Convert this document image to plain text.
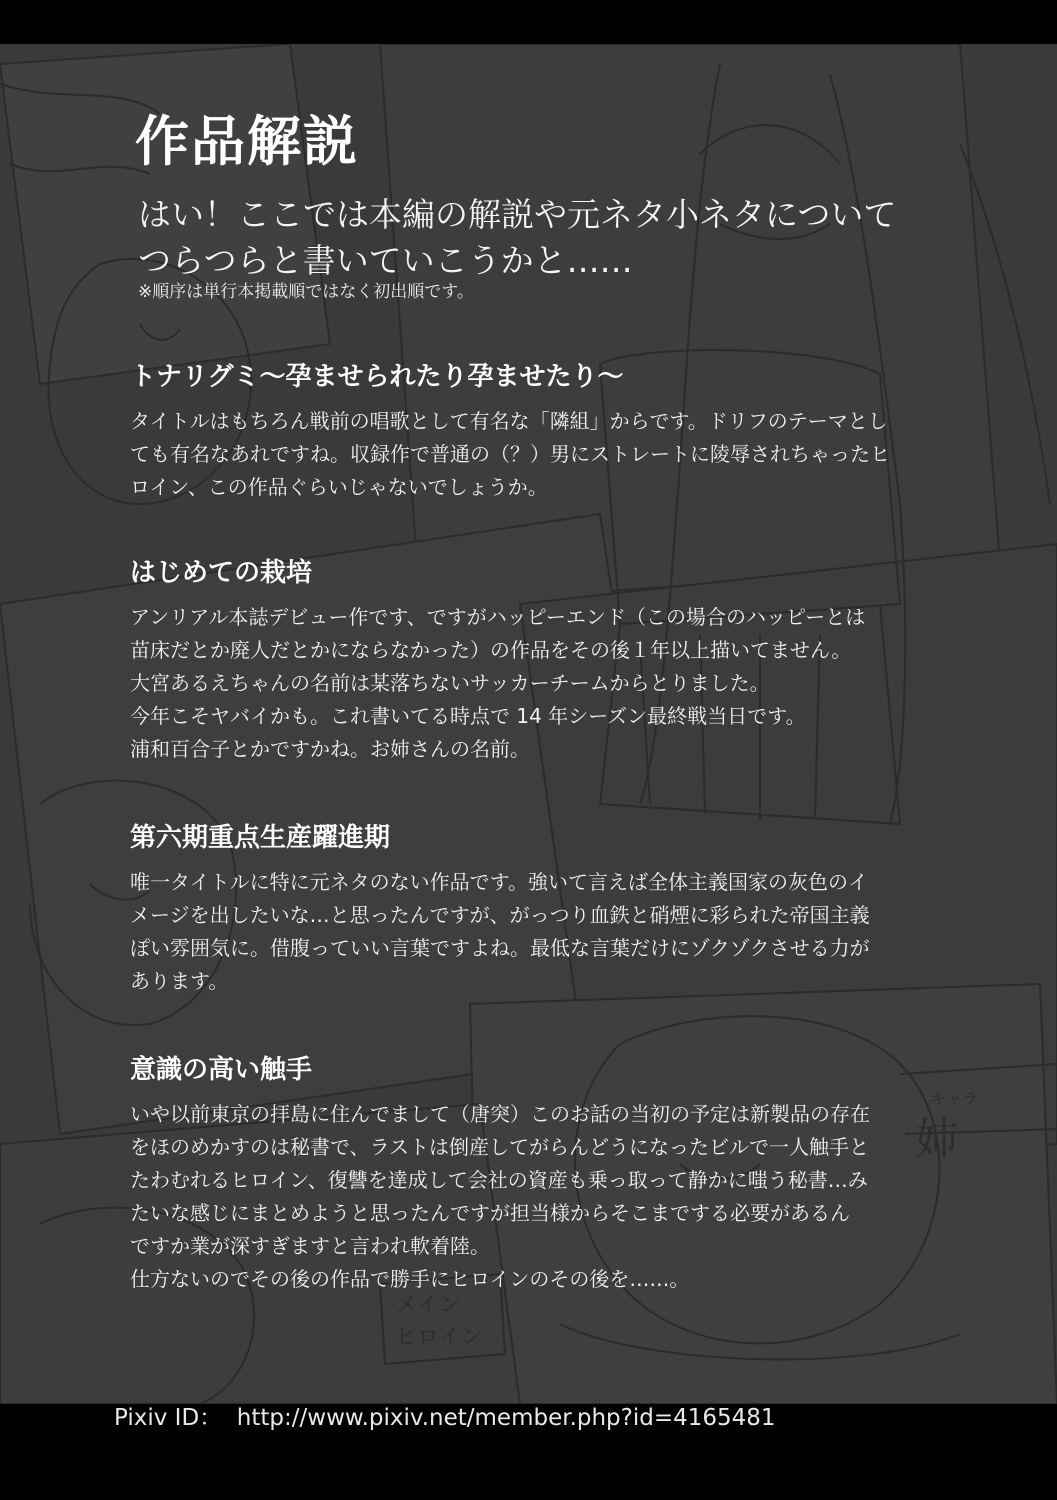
キャラ
姉
メイン
ヒロイン
作品解説
はい！ここでは本編の解説や元ネタ小ネタについて
つらつらと書いていこうかと……
※順序は単行本掲載順ではなく初出順です。
トナリグミ〜孕ませられたり孕ませたり〜

タイトルはもちろん戦前の唱歌として有名な「隣組」からです。ドリフのテーマとし
ても有名なあれですね。収録作で普通の（？）男にストレートに陵辱されちゃったヒ
ロイン、この作品ぐらいじゃないでしょうか。

はじめての栽培

アンリアル本誌デビュー作です、ですがハッピーエンド（この場合のハッピーとは
苗床だとか廃人だとかにならなかった）の作品をその後１年以上描いてません。
大宮あるえちゃんの名前は某落ちないサッカーチームからとりました。
今年こそヤバイかも。これ書いてる時点で 14 年シーズン最終戦当日です。
浦和百合子とかですかね。お姉さんの名前。

第六期重点生産躍進期

唯一タイトルに特に元ネタのない作品です。強いて言えば全体主義国家の灰色のイ
メージを出したいな…と思ったんですが、がっつり血鉄と硝煙に彩られた帝国主義
ぽい雰囲気に。借腹っていい言葉ですよね。最低な言葉だけにゾクゾクさせる力が
あります。

意識の高い触手

いや以前東京の拝島に住んでまして（唐突）このお話の当初の予定は新製品の存在
をほのめかすのは秘書で、ラストは倒産してがらんどうになったビルで一人触手と
たわむれるヒロイン、復讐を達成して会社の資産も乗っ取って静かに嗤う秘書…み
たいな感じにまとめようと思ったんですが担当様からそこまでする必要があるん
ですか業が深すぎますと言われ軟着陸。
仕方ないのでその後の作品で勝手にヒロインのその後を……。

Pixiv ID：  http://www.pixiv.net/member.php?id=4165481
